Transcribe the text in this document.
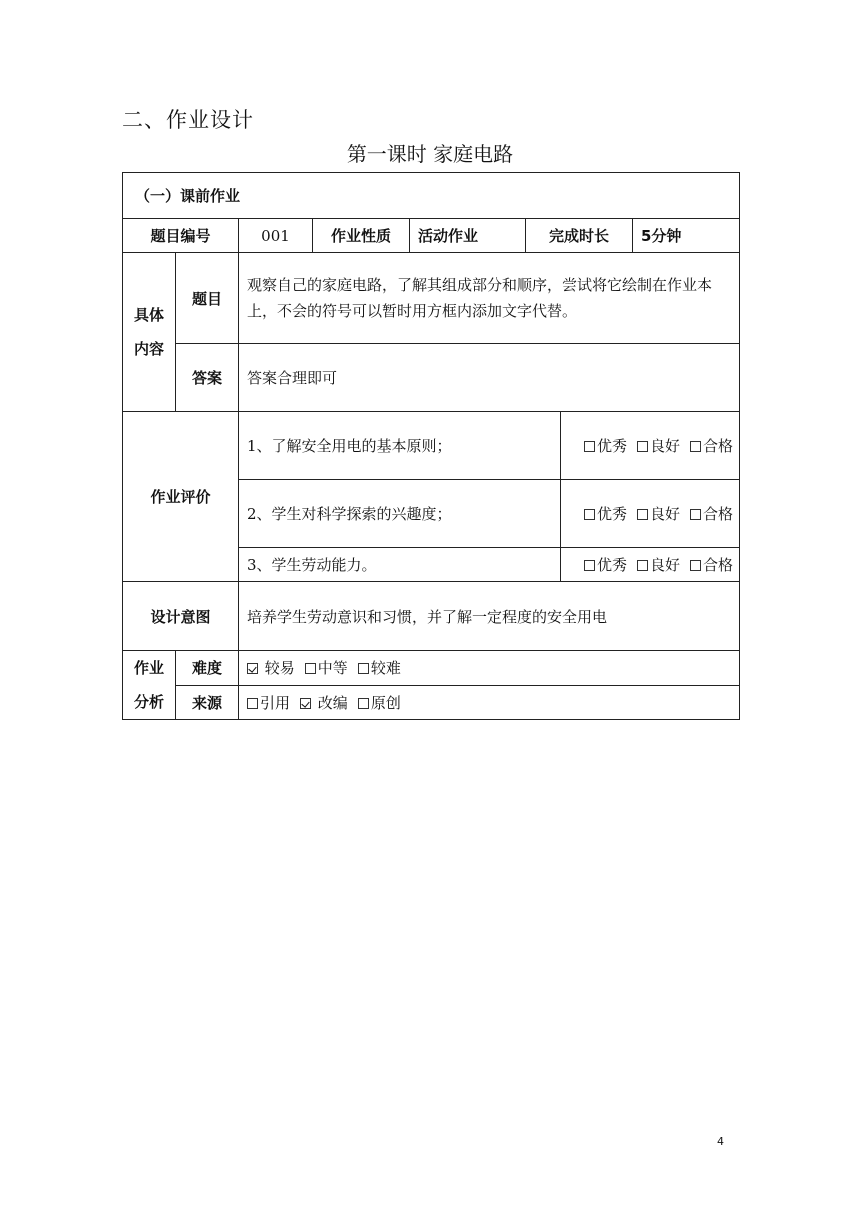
二、作业设计
第一课时 家庭电路
（一）课前作业							
题目编号		001	作业性质	活动作业	完成时长		5分钟
具体
内容	题目	观察自己的家庭电路，了解其组成部分和顺序，尝试将它绘制在作业本上，不会的符号可以暂时用方框内添加文字代替。					
	答案	答案合理即可					
作业评价		1、了解安全用电的基本原则；				优秀 良好 合格	
		2、学生对科学探索的兴趣度；				优秀 良好 合格	
		3、学生劳动能力。				优秀 良好 合格	
设计意图		培养学生劳动意识和习惯，并了解一定程度的安全用电					
作业
分析	难度	较易 中等 较难					
	来源	引用 改编 原创					
4
